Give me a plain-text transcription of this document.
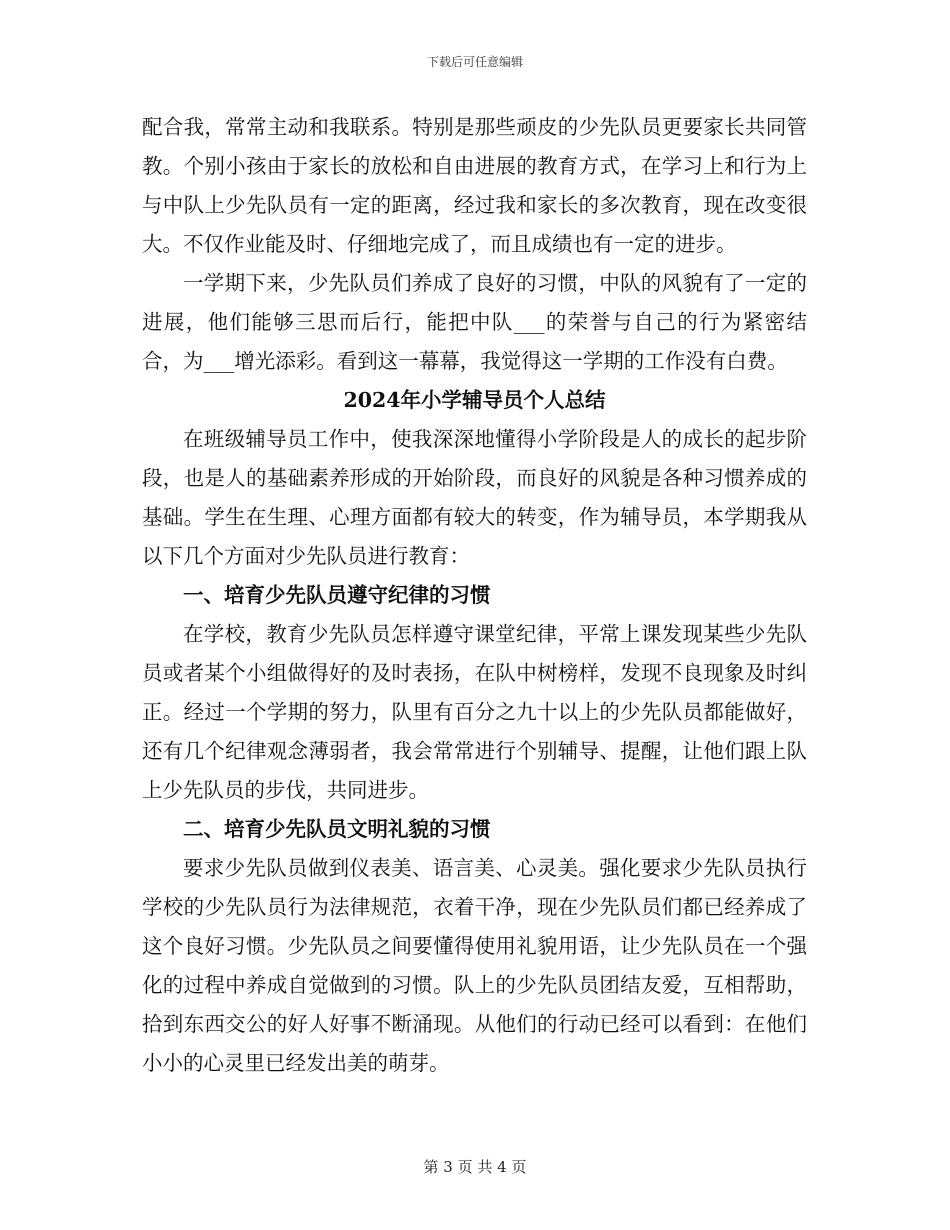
下载后可任意编辑

配合我，常常主动和我联系。特别是那些顽皮的少先队员更要家长共同管教。个别小孩由于家长的放松和自由进展的教育方式，在学习上和行为上与中队上少先队员有一定的距离，经过我和家长的多次教育，现在改变很大。不仅作业能及时、仔细地完成了，而且成绩也有一定的进步。

一学期下来，少先队员们养成了良好的习惯，中队的风貌有了一定的进展，他们能够三思而后行，能把中队___的荣誉与自己的行为紧密结合，为___增光添彩。看到这一幕幕，我觉得这一学期的工作没有白费。

2024年小学辅导员个人总结

在班级辅导员工作中，使我深深地懂得小学阶段是人的成长的起步阶段，也是人的基础素养形成的开始阶段，而良好的风貌是各种习惯养成的基础。学生在生理、心理方面都有较大的转变，作为辅导员，本学期我从以下几个方面对少先队员进行教育：

一、培育少先队员遵守纪律的习惯

在学校，教育少先队员怎样遵守课堂纪律，平常上课发现某些少先队员或者某个小组做得好的及时表扬，在队中树榜样，发现不良现象及时纠正。经过一个学期的努力，队里有百分之九十以上的少先队员都能做好，还有几个纪律观念薄弱者，我会常常进行个别辅导、提醒，让他们跟上队上少先队员的步伐，共同进步。

二、培育少先队员文明礼貌的习惯

要求少先队员做到仪表美、语言美、心灵美。强化要求少先队员执行学校的少先队员行为法律规范，衣着干净，现在少先队员们都已经养成了这个良好习惯。少先队员之间要懂得使用礼貌用语，让少先队员在一个强化的过程中养成自觉做到的习惯。队上的少先队员团结友爱，互相帮助，拾到东西交公的好人好事不断涌现。从他们的行动已经可以看到：在他们小小的心灵里已经发出美的萌芽。

第 3 页 共 4 页
